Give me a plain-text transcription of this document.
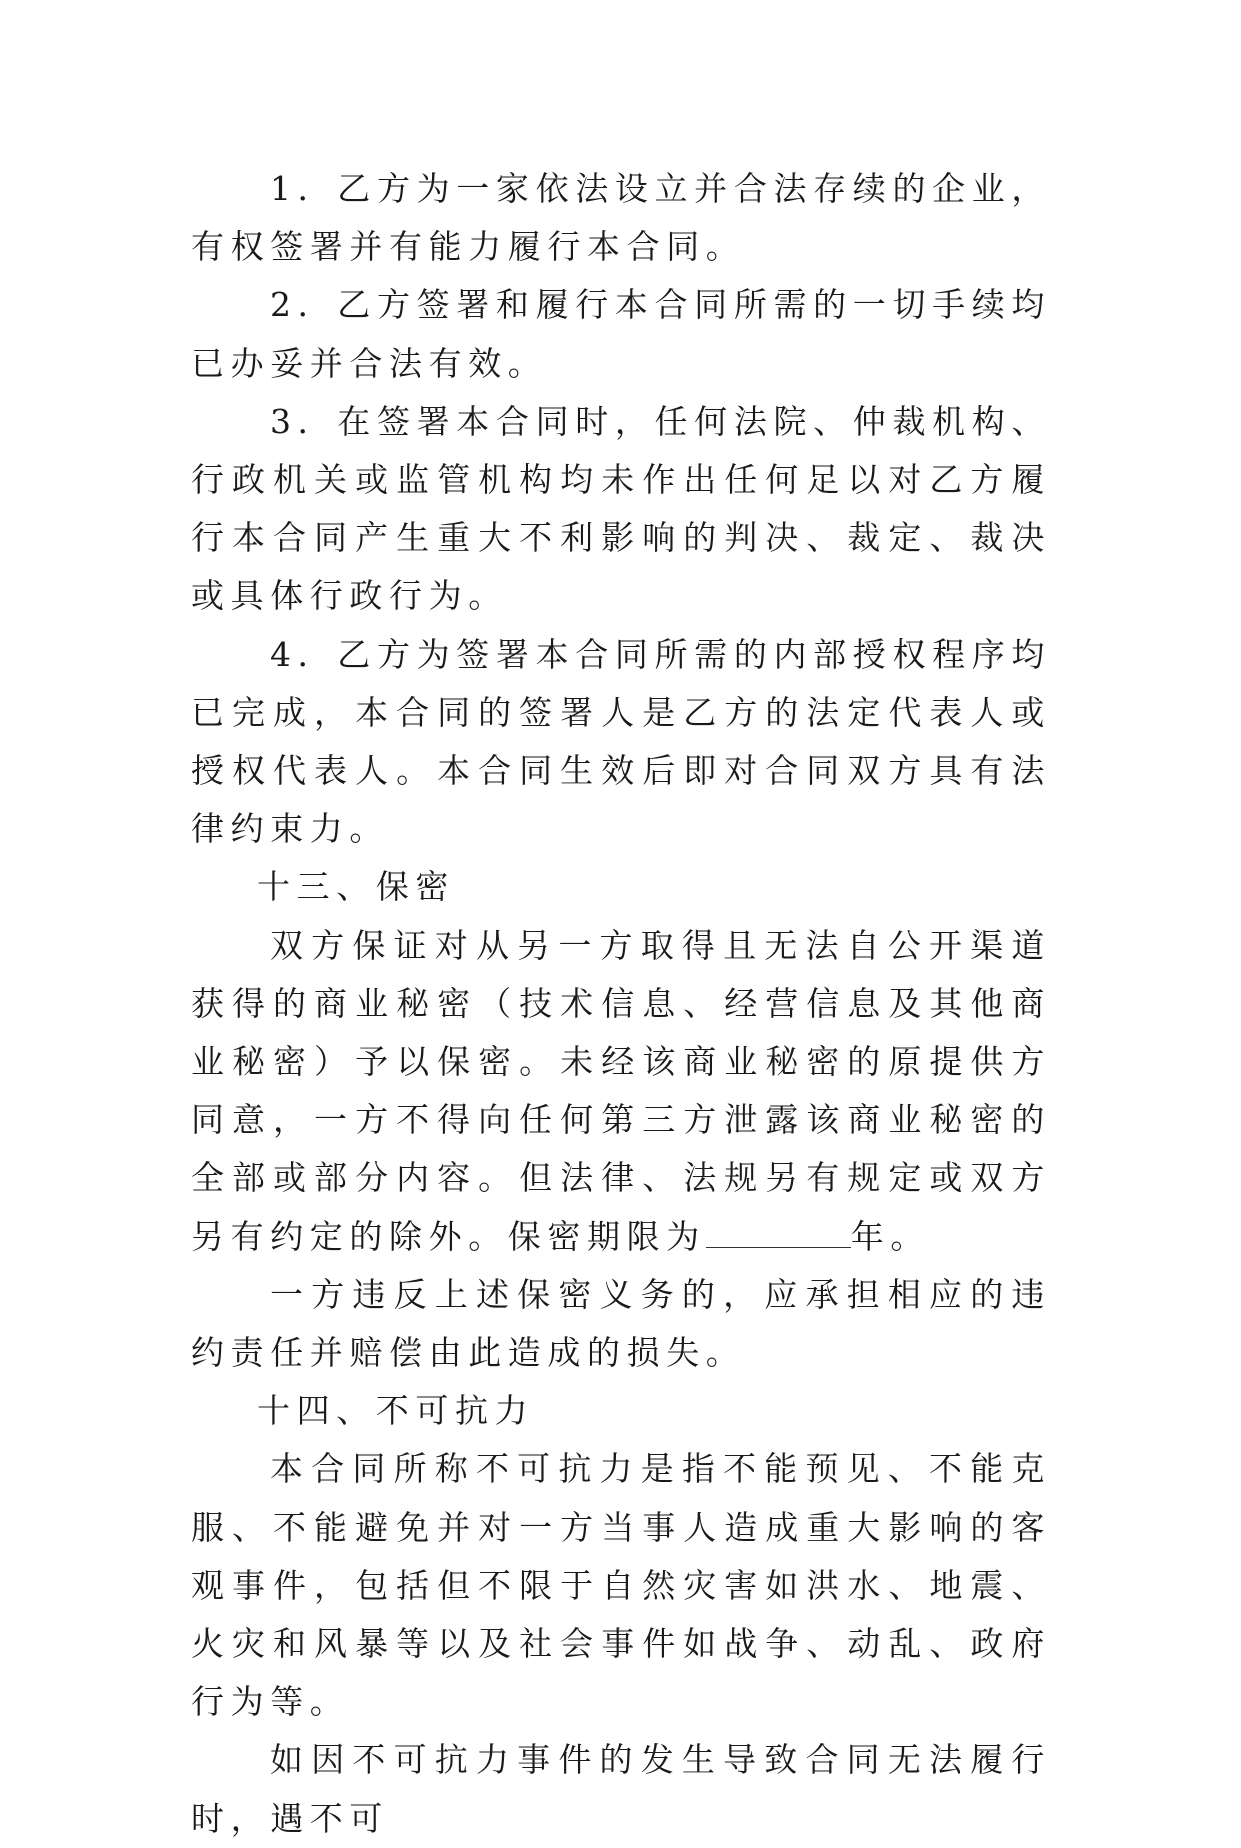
1．乙方为一家依法设立并合法存续的企业，有权签署并有能力履行本合同。

2．乙方签署和履行本合同所需的一切手续均已办妥并合法有效。

3．在签署本合同时，任何法院、仲裁机构、行政机关或监管机构均未作出任何足以对乙方履行本合同产生重大不利影响的判决、裁定、裁决或具体行政行为。

4．乙方为签署本合同所需的内部授权程序均已完成，本合同的签署人是乙方的法定代表人或授权代表人。本合同生效后即对合同双方具有法律约束力。

十三、保密

双方保证对从另一方取得且无法自公开渠道获得的商业秘密（技术信息、经营信息及其他商业秘密）予以保密。未经该商业秘密的原提供方同意，一方不得向任何第三方泄露该商业秘密的全部或部分内容。但法律、法规另有规定或双方另有约定的除外。保密期限为	年。

一方违反上述保密义务的，应承担相应的违约责任并赔偿由此造成的损失。

十四、不可抗力

本合同所称不可抗力是指不能预见、不能克服、不能避免并对一方当事人造成重大影响的客观事件，包括但不限于自然灾害如洪水、地震、火灾和风暴等以及社会事件如战争、动乱、政府行为等。

如因不可抗力事件的发生导致合同无法履行时，遇不可
